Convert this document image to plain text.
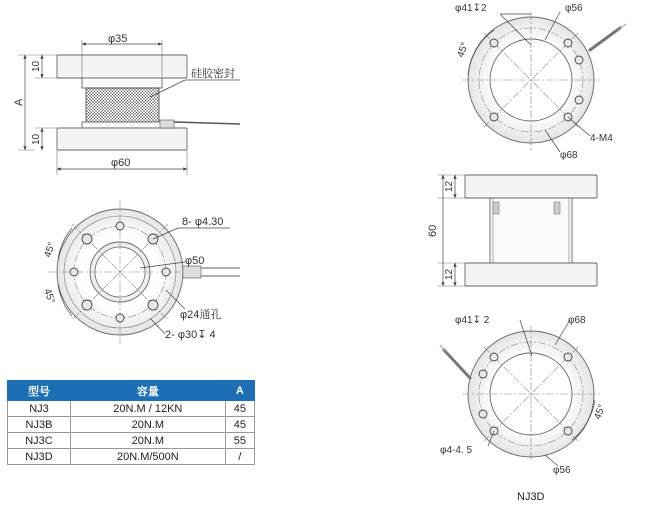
φ35
10
A
10
硅胶密封
φ60
45°
45°
8- φ4.30
φ50
φ24通孔
2- φ30↧ 4
45°
φ41↧2	φ56
4-M4
φ68
12
12
60
45°
φ41↧ 2	φ68
φ4-4. 5
φ56
型号	容量	A
NJ3	20N.M / 12KN	45
NJ3B	20N.M	45
NJ3C	20N.M	55
NJ3D	20N.M/500N	/
NJ3D
